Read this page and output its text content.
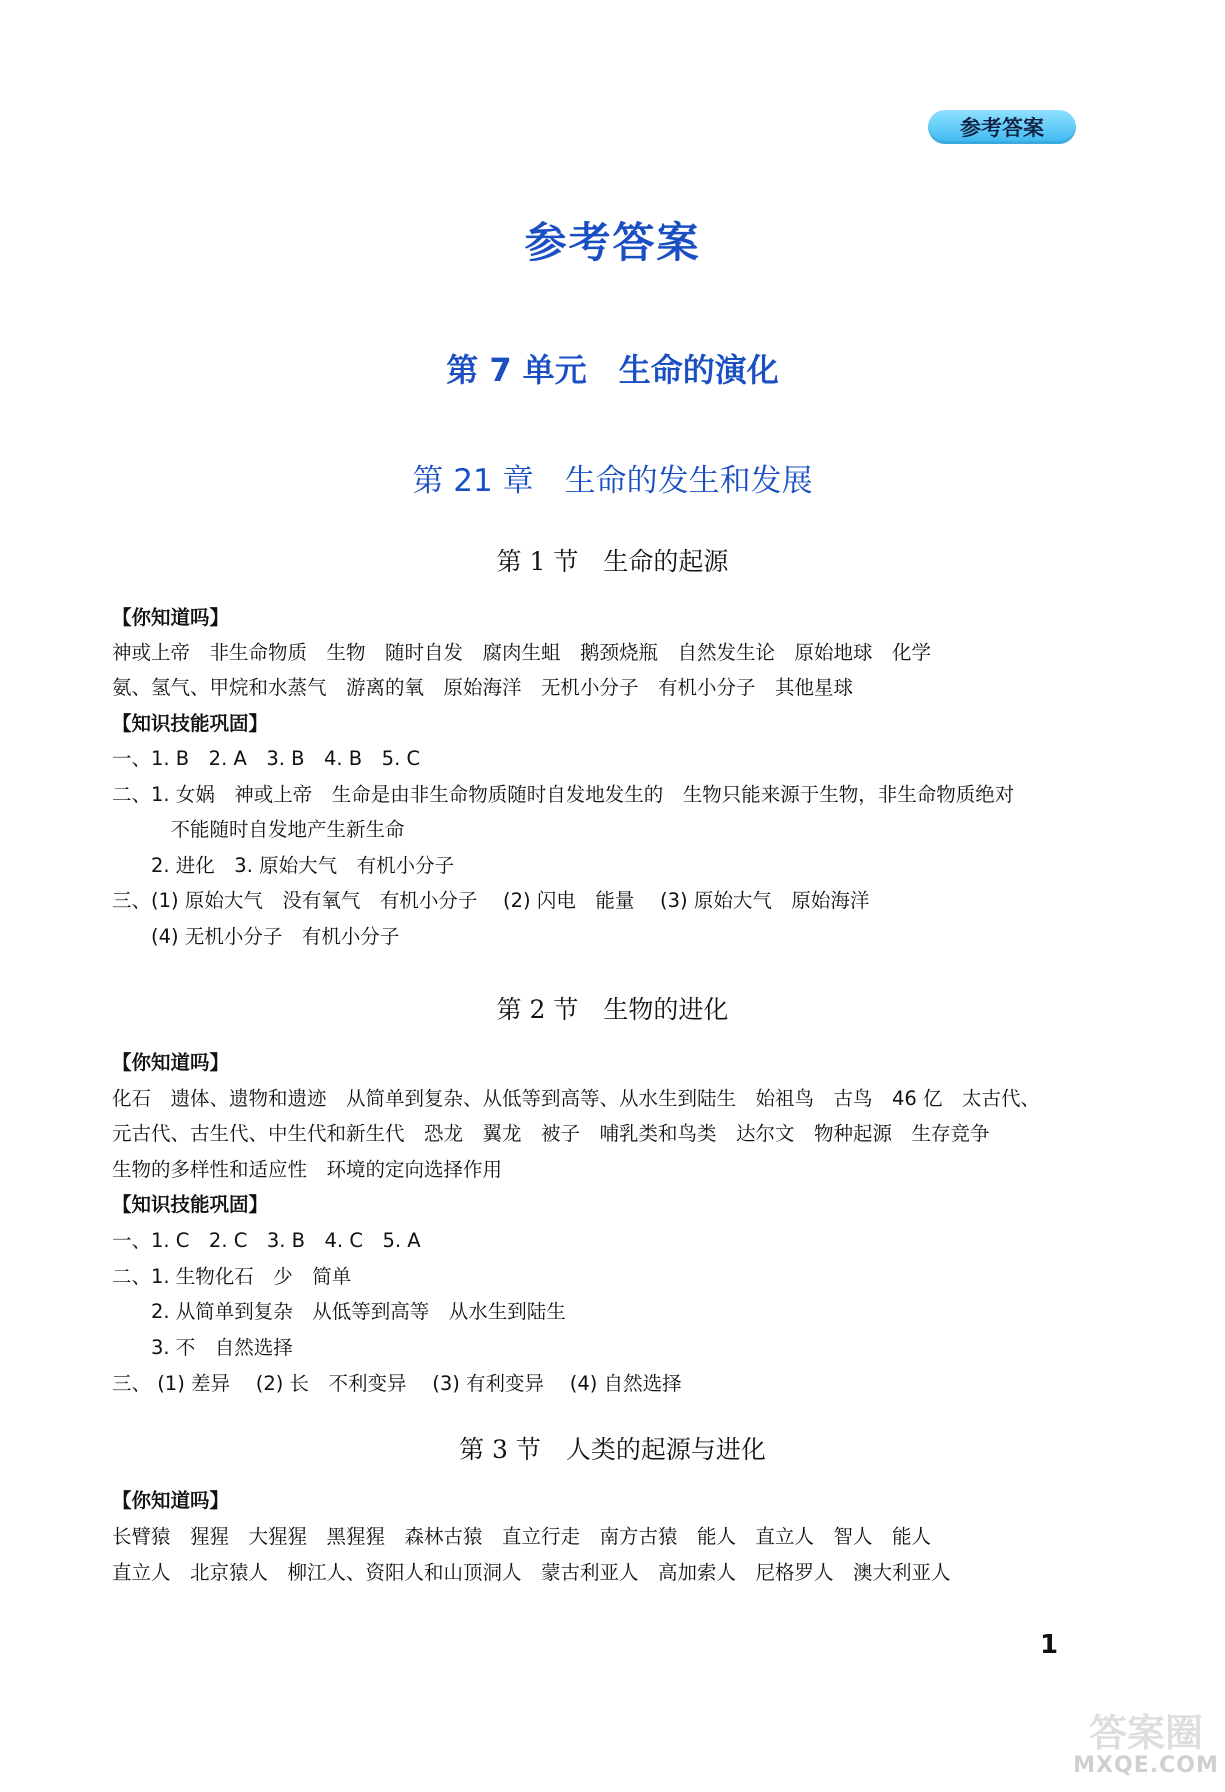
参考答案
参考答案
第 7 单元　生命的演化
第 21 章　生命的发生和发展
第 1 节　生命的起源
【你知道吗】
神或上帝　非生命物质　生物　随时自发　腐肉生蛆　鹅颈烧瓶　自然发生论　原始地球　化学
氨、氢气、甲烷和水蒸气　游离的氧　原始海洋　无机小分子　有机小分子　其他星球
【知识技能巩固】
一、1. B　2. A　3. B　4. B　5. C
二、1. 女娲　神或上帝　生命是由非生命物质随时自发地发生的　生物只能来源于生物，非生命物质绝对
　　　不能随时自发地产生新生命
　　2. 进化　3. 原始大气　有机小分子
三、(1) 原始大气　没有氧气　有机小分子　 (2) 闪电　能量　 (3) 原始大气　原始海洋
　　(4) 无机小分子　有机小分子
第 2 节　生物的进化
【你知道吗】
化石　遗体、遗物和遗迹　从简单到复杂、从低等到高等、从水生到陆生　始祖鸟　古鸟　46 亿　太古代、
元古代、古生代、中生代和新生代　恐龙　翼龙　被子　哺乳类和鸟类　达尔文　物种起源　生存竞争
生物的多样性和适应性　环境的定向选择作用
【知识技能巩固】
一、1. C　2. C　3. B　4. C　5. A
二、1. 生物化石　少　简单
　　2. 从简单到复杂　从低等到高等　从水生到陆生
　　3. 不　自然选择
三、 (1) 差异　 (2) 长　不利变异　 (3) 有利变异　 (4) 自然选择
第 3 节　人类的起源与进化
【你知道吗】
长臂猿　猩猩　大猩猩　黑猩猩　森林古猿　直立行走　南方古猿　能人　直立人　智人　能人
直立人　北京猿人　柳江人、资阳人和山顶洞人　蒙古利亚人　高加索人　尼格罗人　澳大利亚人
1
答案圈
MXQE.COM
